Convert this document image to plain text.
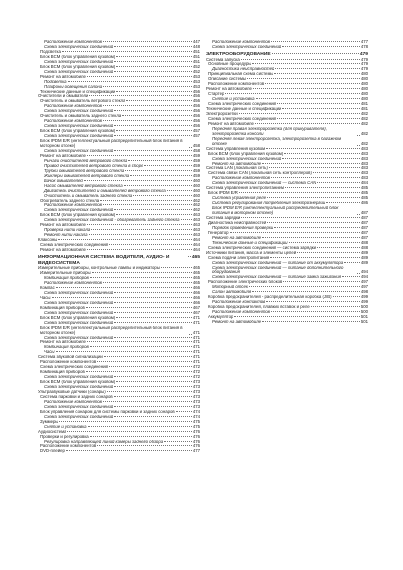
Расположение компонентов	447
Схема электрических соединений	448
Подсветка	451
Блок BCM (блок управления кузовом)	451
Схема электрических соединений	451
Блок BCM (блок управления кузовом)	452
Схема электрических соединений	452
Ремонт на автомобиле	453
Подсветка	453
Плафоны освещения салона	453
Технические данные и спецификации	456
Очистители и омыватели	456
Очиститель и омыватель ветрового стекла	456
Расположение компонентов	456
Схема электрических соединений	456
Очиститель и омыватель заднего стекла	456
Расположение компонентов	456
Схема электрических соединений	456
Блок BCM (блок управления кузовом)	457
Схема электрических соединений	457
Блок IPDM E/R (интеллектуальный распределительный блок питания в моторном отсеке)	458
Схема электрических соединений	458
Ремонт на автомобиле	459
Рычаги очистителей ветрового стекла	459
Привод очистителей ветрового стекла в сборе	459
Трубки омывателей ветрового стекла	459
Жиклеры омывателей ветрового стекла	459
Бачок омывателей	460
Насос омывателей ветрового стекла	460
Двигатель очистителей и омывателей ветрового стекла	460
Очиститель и омыватель заднего стекла	460
Обогреватель заднего стекла	462
Расположение компонентов	462
Схема электрических соединений	462
Блок BCM (блок управления кузовом)	463
Схема электрических соединений - обогреватель заднего стекла	463
Ремонт на автомобиле	463
Проверка нити накала	463
Ремонт нити накала	463
Клаксоны	464
Схема электрических соединений	464
Ремонт на автомобиле	464
ИНФОРМАЦИОННАЯ СИСТЕМА ВОДИТЕЛЯ, АУДИО- И ВИДЕОСИСТЕМА
465
Измерительные приборы, контрольные лампы и индикаторы	465
Измерительные приборы	465
Комбинация приборов	465
Расположение компонентов	465
Компас	466
Схема электрических соединений	466
Часы	466
Схема электрических соединений	466
Комбинация приборов	467
Схема электрических соединений	467
Блок BCM (блок управления кузовом)	471
Схема электрических соединений	471
Блок IPDM E/R (интеллектуальный распределительный блок питания в моторном отсеке)	471
Схема электрических соединений	471
Ремонт на автомобиле	471
Комбинация приборов	471
Часы	471
Система звуковой сигнализации	471
Расположение компонентов	471
Схема электрических соединений	472
Комбинация приборов	472
Схема электрических соединений	472
Блок BCM (блок управления кузовом)	473
Схема электрических соединений	473
Ультразвуковые датчики (сонары)	473
Система парковки и задних сонаров	473
Расположение компонентов	473
Схема электрических соединений	473
Блок управления сонаром для системы парковки и задних сонаров	474
Схема электрических соединений	474
Зуммеры	475
Снятие и установка	475
Аудиосистема	476
Проверки и регулировка	476
Регулировка направляющей линий камеры заднего обзора	476
Расположение компонентов	476
DVD-плейер	477
Расположение компонентов	477
Схема электрических соединений	478
ЭЛЕКТРООБОРУДОВАНИЕ	479
Система запуска	479
Основные процедуры	479
Диагностика неисправностей	479
Принципиальная схема системы	480
Описание системы	480
Расположение компонентов	480
Ремонт на автомобиле	480
Стартер	480
Снятие и установка	480
Схема электрических соединений	481
Технические данные и спецификации	481
Электророзетки	482
Схема электрических соединений	482
Ремонт на автомобиле	482
Передняя правая электророзетка (для прикуривателя), электророзетка консоли	482
Передняя левая электророзетка, электророзетка в багажном отсеке	482
Система управления кузовом	483
Блок BCM (блок управления кузовом)	483
Схема электрических соединений	483
Ремонт на автомобиле	483
Система LAN (локальная сеть)	483
Система связи CAN (локальная сеть контроллеров)	483
Расположение компонентов	483
Схема электрических соединений — система CAN	484
Система управления электропитанием	485
Блок IPDM E/R	485
Система управления реле	485
Система регулирования потребления электроэнергии	486
Блок IPDM E/R (интеллектуальный распределительный блок питания в моторном отсеке)	487
Система зарядки	487
Диагностика неисправностей	487
Порядок проведения проверки	487
Генератор	487
Ремонт на автомобиле	487
Технические данные и спецификации	488
Схема электрических соединений — система зарядки	488
Источники питания, масса и элементы цепей	489
Схема подачи электропитания	489
Схема электрических соединений — питание от аккумулятора	489
Схема электрических соединений — питание дополнительного оборудования	494
Схема электрических соединений — питание замка зажигания	494
Расположение электрических блоков	497
Моторный отсек	497
Салон автомобиля	498
Коробка предохранителей - распределительная коробка (J/B)	499
Расположение контактов	499
Коробка предохранителей, плавких вставок и реле	500
Расположение компонентов	500
Аккумулятор	501
Ремонт на автомобиле	501
